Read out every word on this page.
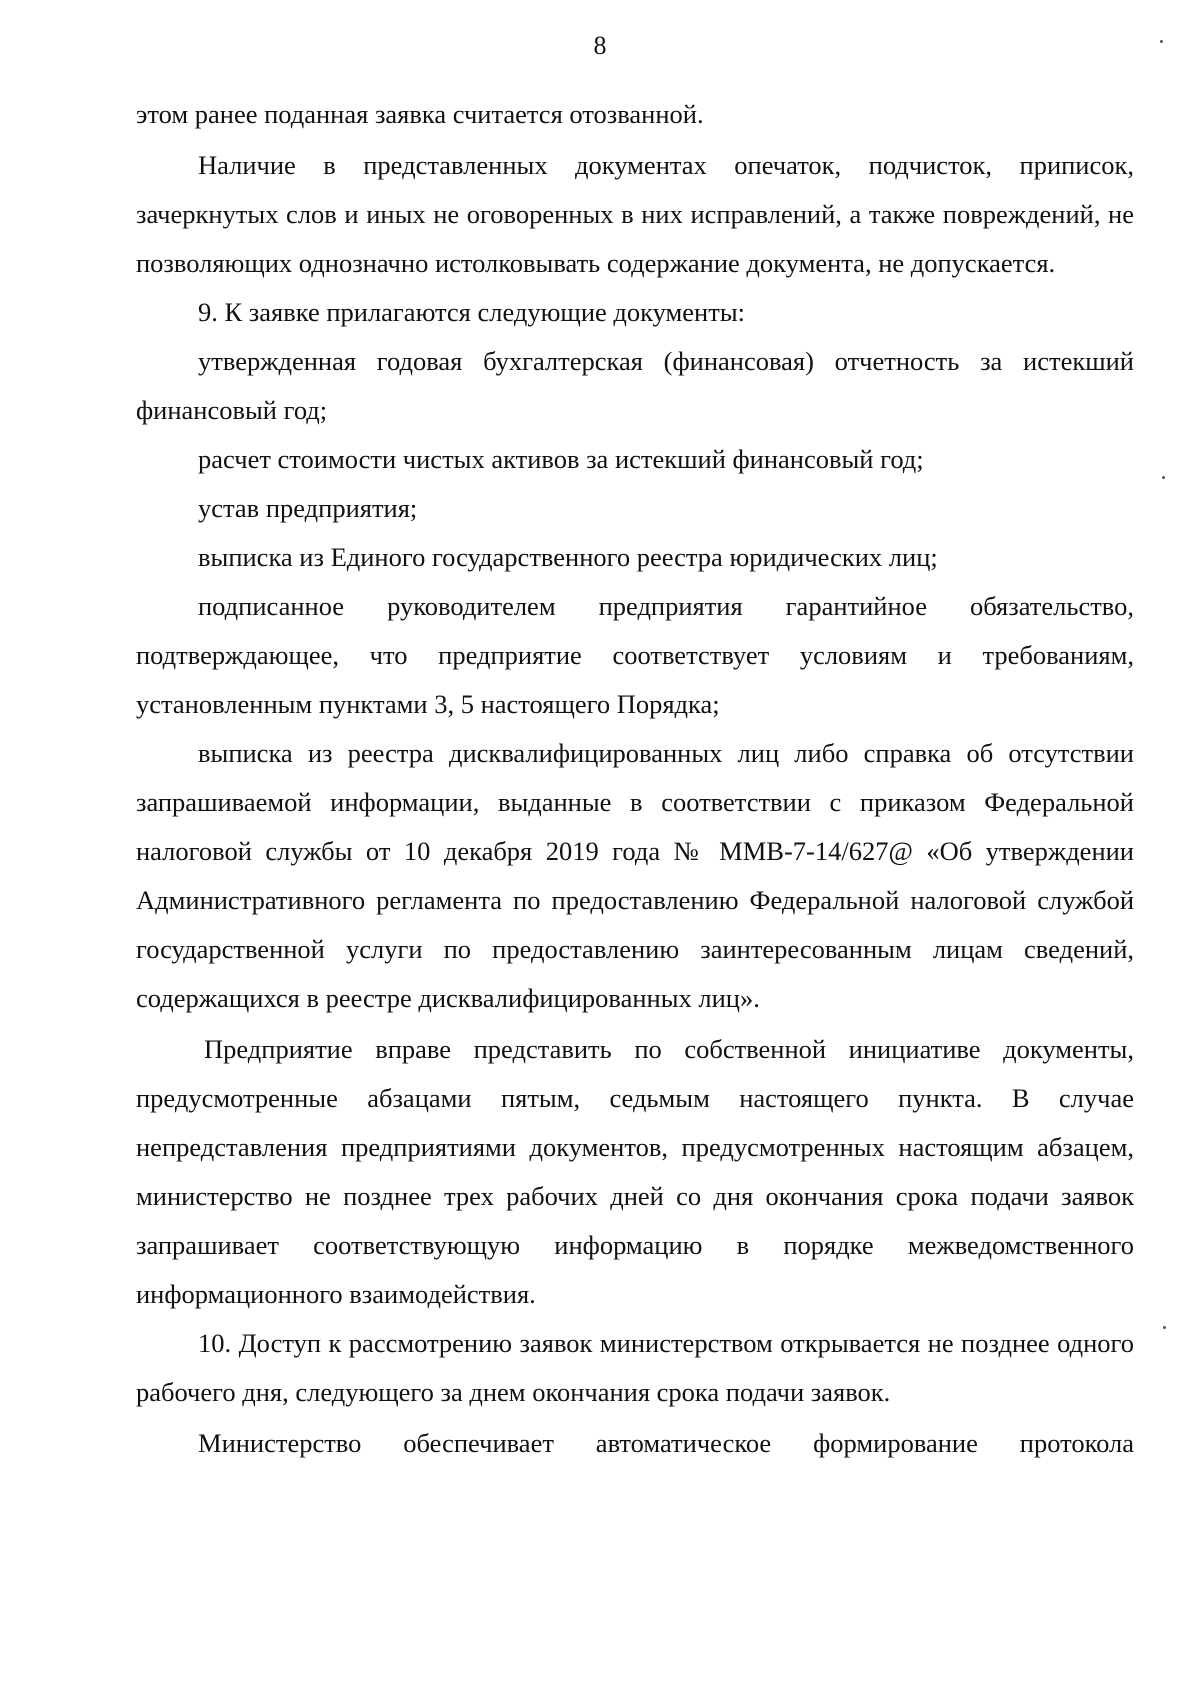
8

этом ранее поданная заявка считается отозванной.

Наличие в представленных документах опечаток, подчисток, приписок, зачеркнутых слов и иных не оговоренных в них исправлений, а также повреждений, не позволяющих однозначно истолковывать содержание документа, не допускается.

9. К заявке прилагаются следующие документы:

утвержденная годовая бухгалтерская (финансовая) отчетность за истекший финансовый год;

расчет стоимости чистых активов за истекший финансовый год;

устав предприятия;

выписка из Единого государственного реестра юридических лиц;

подписанное руководителем предприятия гарантийное обязательство, подтверждающее, что предприятие соответствует условиям и требованиям, установленным пунктами 3, 5 настоящего Порядка;

выписка из реестра дисквалифицированных лиц либо справка об отсутствии запрашиваемой информации, выданные в соответствии с приказом Федеральной налоговой службы от 10 декабря 2019 года № ММВ-7-14/627@ «Об утверждении Административного регламента по предоставлению Федеральной налоговой службой государственной услуги по предоставлению заинтересованным лицам сведений, содержащихся в реестре дисквалифицированных лиц».

Предприятие вправе представить по собственной инициативе документы, предусмотренные абзацами пятым, седьмым настоящего пункта. В случае непредставления предприятиями документов, предусмотренных настоящим абзацем, министерство не позднее трех рабочих дней со дня окончания срока подачи заявок запрашивает соответствующую информацию в порядке межведомственного информационного взаимодействия.

10. Доступ к рассмотрению заявок министерством открывается не позднее одного рабочего дня, следующего за днем окончания срока подачи заявок.

Министерство обеспечивает автоматическое формирование протокола
